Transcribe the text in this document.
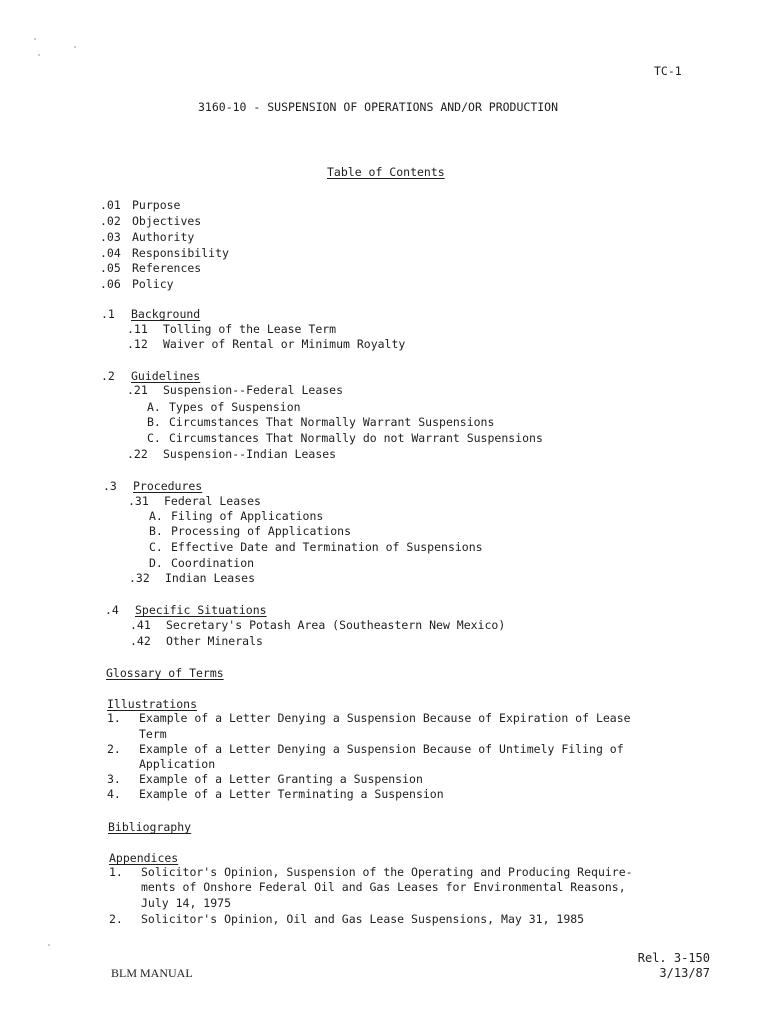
TC-1
3160-10 - SUSPENSION OF OPERATIONS AND/OR PRODUCTION
Table of Contents
.01 Purpose
.02 Objectives
.03 Authority
.04 Responsibility
.05 References
.06 Policy
.1 Background
.11 Tolling of the Lease Term
.12 Waiver of Rental or Minimum Royalty
.2 Guidelines
.21 Suspension--Federal Leases
A. Types of Suspension
B. Circumstances That Normally Warrant Suspensions
C. Circumstances That Normally do not Warrant Suspensions
.22 Suspension--Indian Leases
.3 Procedures
.31 Federal Leases
A. Filing of Applications
B. Processing of Applications
C. Effective Date and Termination of Suspensions
D. Coordination
.32 Indian Leases
.4 Specific Situations
.41 Secretary's Potash Area (Southeastern New Mexico)
.42 Other Minerals
Glossary of Terms
Illustrations
1. Example of a Letter Denying a Suspension Because of Expiration of Lease
Term
2. Example of a Letter Denying a Suspension Because of Untimely Filing of
Application
3. Example of a Letter Granting a Suspension
4. Example of a Letter Terminating a Suspension
Bibliography
Appendices
1. Solicitor's Opinion, Suspension of the Operating and Producing Require-
ments of Onshore Federal Oil and Gas Leases for Environmental Reasons,
July 14, 1975
2. Solicitor's Opinion, Oil and Gas Lease Suspensions, May 31, 1985
BLM MANUAL
Rel. 3-150
3/13/87
